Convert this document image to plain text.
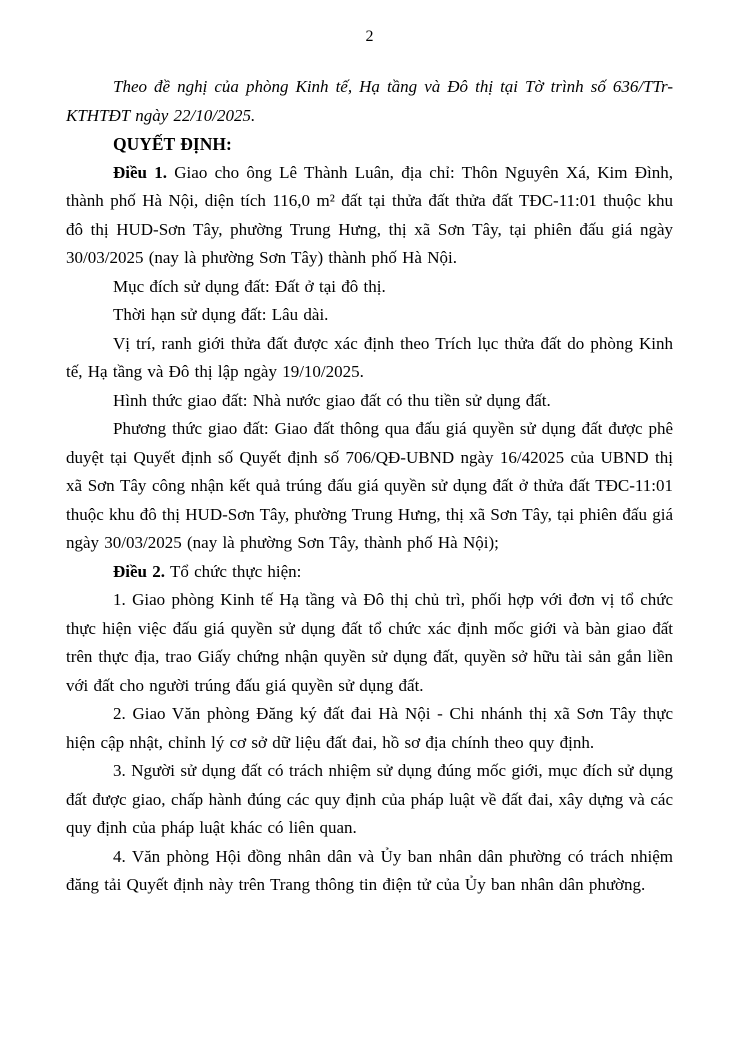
2

Theo đề nghị của phòng Kinh tế, Hạ tầng và Đô thị tại Tờ trình số 636/TTr-KTHTĐT ngày 22/10/2025.

QUYẾT ĐỊNH:

Điều 1. Giao cho ông Lê Thành Luân, địa chỉ: Thôn Nguyên Xá, Kim Đình, thành phố Hà Nội, diện tích 116,0 m² đất tại thửa đất thửa đất TĐC-11:01 thuộc khu đô thị HUD-Sơn Tây, phường Trung Hưng, thị xã Sơn Tây, tại phiên đấu giá ngày 30/03/2025 (nay là phường Sơn Tây) thành phố Hà Nội.

Mục đích sử dụng đất: Đất ở tại đô thị.

Thời hạn sử dụng đất: Lâu dài.

Vị trí, ranh giới thửa đất được xác định theo Trích lục thửa đất do phòng Kinh tế, Hạ tầng và Đô thị lập ngày 19/10/2025.

Hình thức giao đất: Nhà nước giao đất có thu tiền sử dụng đất.

Phương thức giao đất: Giao đất thông qua đấu giá quyền sử dụng đất được phê duyệt tại Quyết định số Quyết định số 706/QĐ-UBND ngày 16/42025 của UBND thị xã Sơn Tây công nhận kết quả trúng đấu giá quyền sử dụng đất ở thửa đất TĐC-11:01 thuộc khu đô thị HUD-Sơn Tây, phường Trung Hưng, thị xã Sơn Tây, tại phiên đấu giá ngày 30/03/2025 (nay là phường Sơn Tây, thành phố Hà Nội);

Điều 2. Tổ chức thực hiện:

1. Giao phòng Kinh tế Hạ tầng và Đô thị chủ trì, phối hợp với đơn vị tổ chức thực hiện việc đấu giá quyền sử dụng đất tổ chức xác định mốc giới và bàn giao đất trên thực địa, trao Giấy chứng nhận quyền sử dụng đất, quyền sở hữu tài sản gắn liền với đất cho người trúng đấu giá quyền sử dụng đất.

2. Giao Văn phòng Đăng ký đất đai Hà Nội - Chi nhánh thị xã Sơn Tây thực hiện cập nhật, chỉnh lý cơ sở dữ liệu đất đai, hồ sơ địa chính theo quy định.

3. Người sử dụng đất có trách nhiệm sử dụng đúng mốc giới, mục đích sử dụng đất được giao, chấp hành đúng các quy định của pháp luật về đất đai, xây dựng và các quy định của pháp luật khác có liên quan.

4. Văn phòng Hội đồng nhân dân và Ủy ban nhân dân phường có trách nhiệm đăng tải Quyết định này trên Trang thông tin điện tử của Ủy ban nhân dân phường.
